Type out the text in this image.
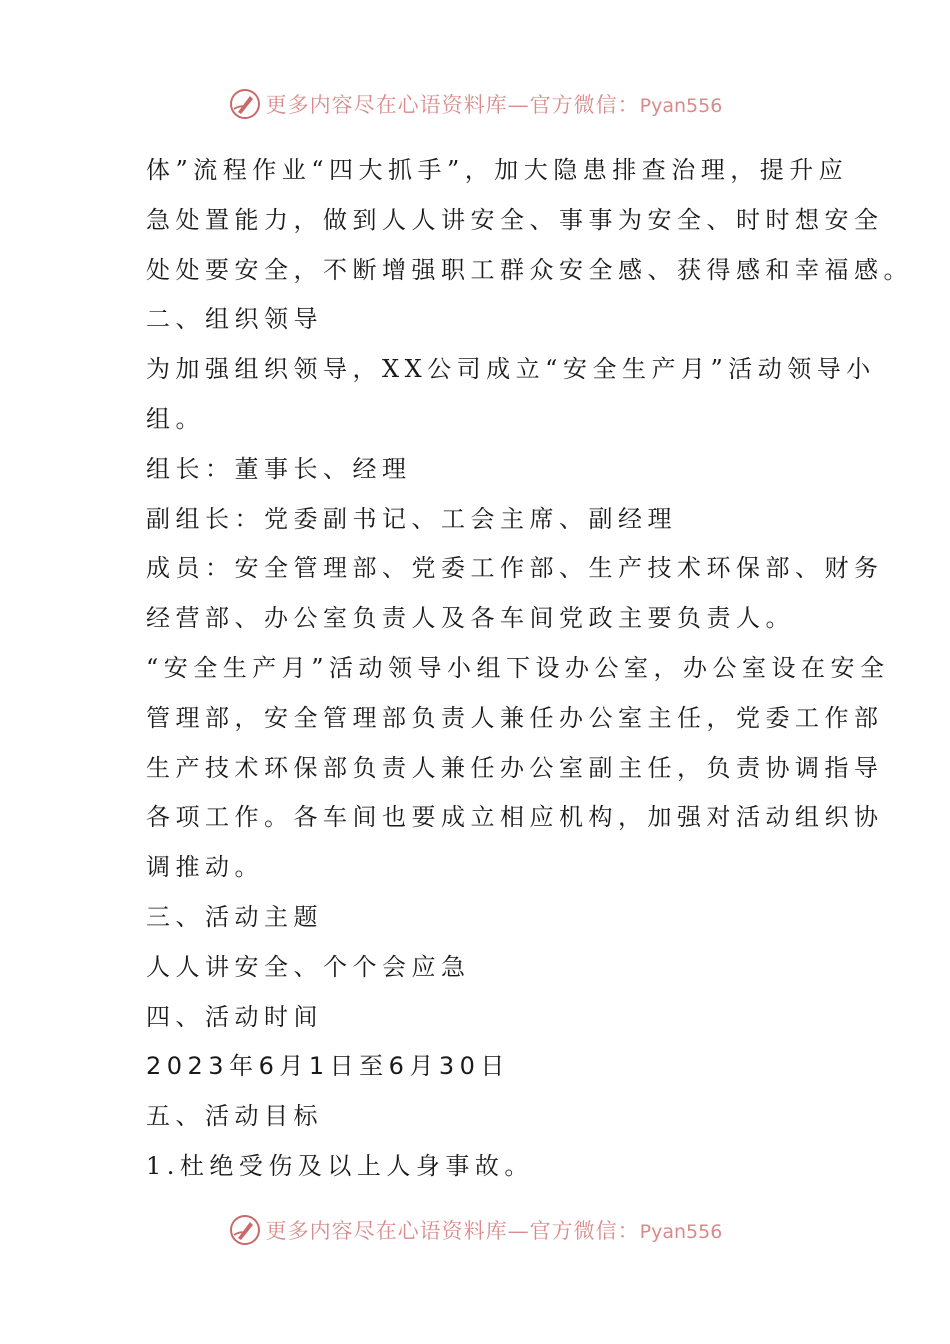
更多内容尽在心语资料库—官方微信：Pyan556
体”流程作业“四大抓手”，加大隐患排查治理，提升应
急处置能力，做到人人讲安全、事事为安全、时时想安全
处处要安全，不断增强职工群众安全感、获得感和幸福感。
二、组织领导
为加强组织领导，XX公司成立“安全生产月”活动领导小
组。
组长：董事长、经理
副组长：党委副书记、工会主席、副经理
成员：安全管理部、党委工作部、生产技术环保部、财务
经营部、办公室负责人及各车间党政主要负责人。
“安全生产月”活动领导小组下设办公室，办公室设在安全
管理部，安全管理部负责人兼任办公室主任，党委工作部
生产技术环保部负责人兼任办公室副主任，负责协调指导
各项工作。各车间也要成立相应机构，加强对活动组织协
调推动。
三、活动主题
人人讲安全、个个会应急
四、活动时间
2023年6月1日至6月30日
五、活动目标
1.杜绝受伤及以上人身事故。
更多内容尽在心语资料库—官方微信：Pyan556
